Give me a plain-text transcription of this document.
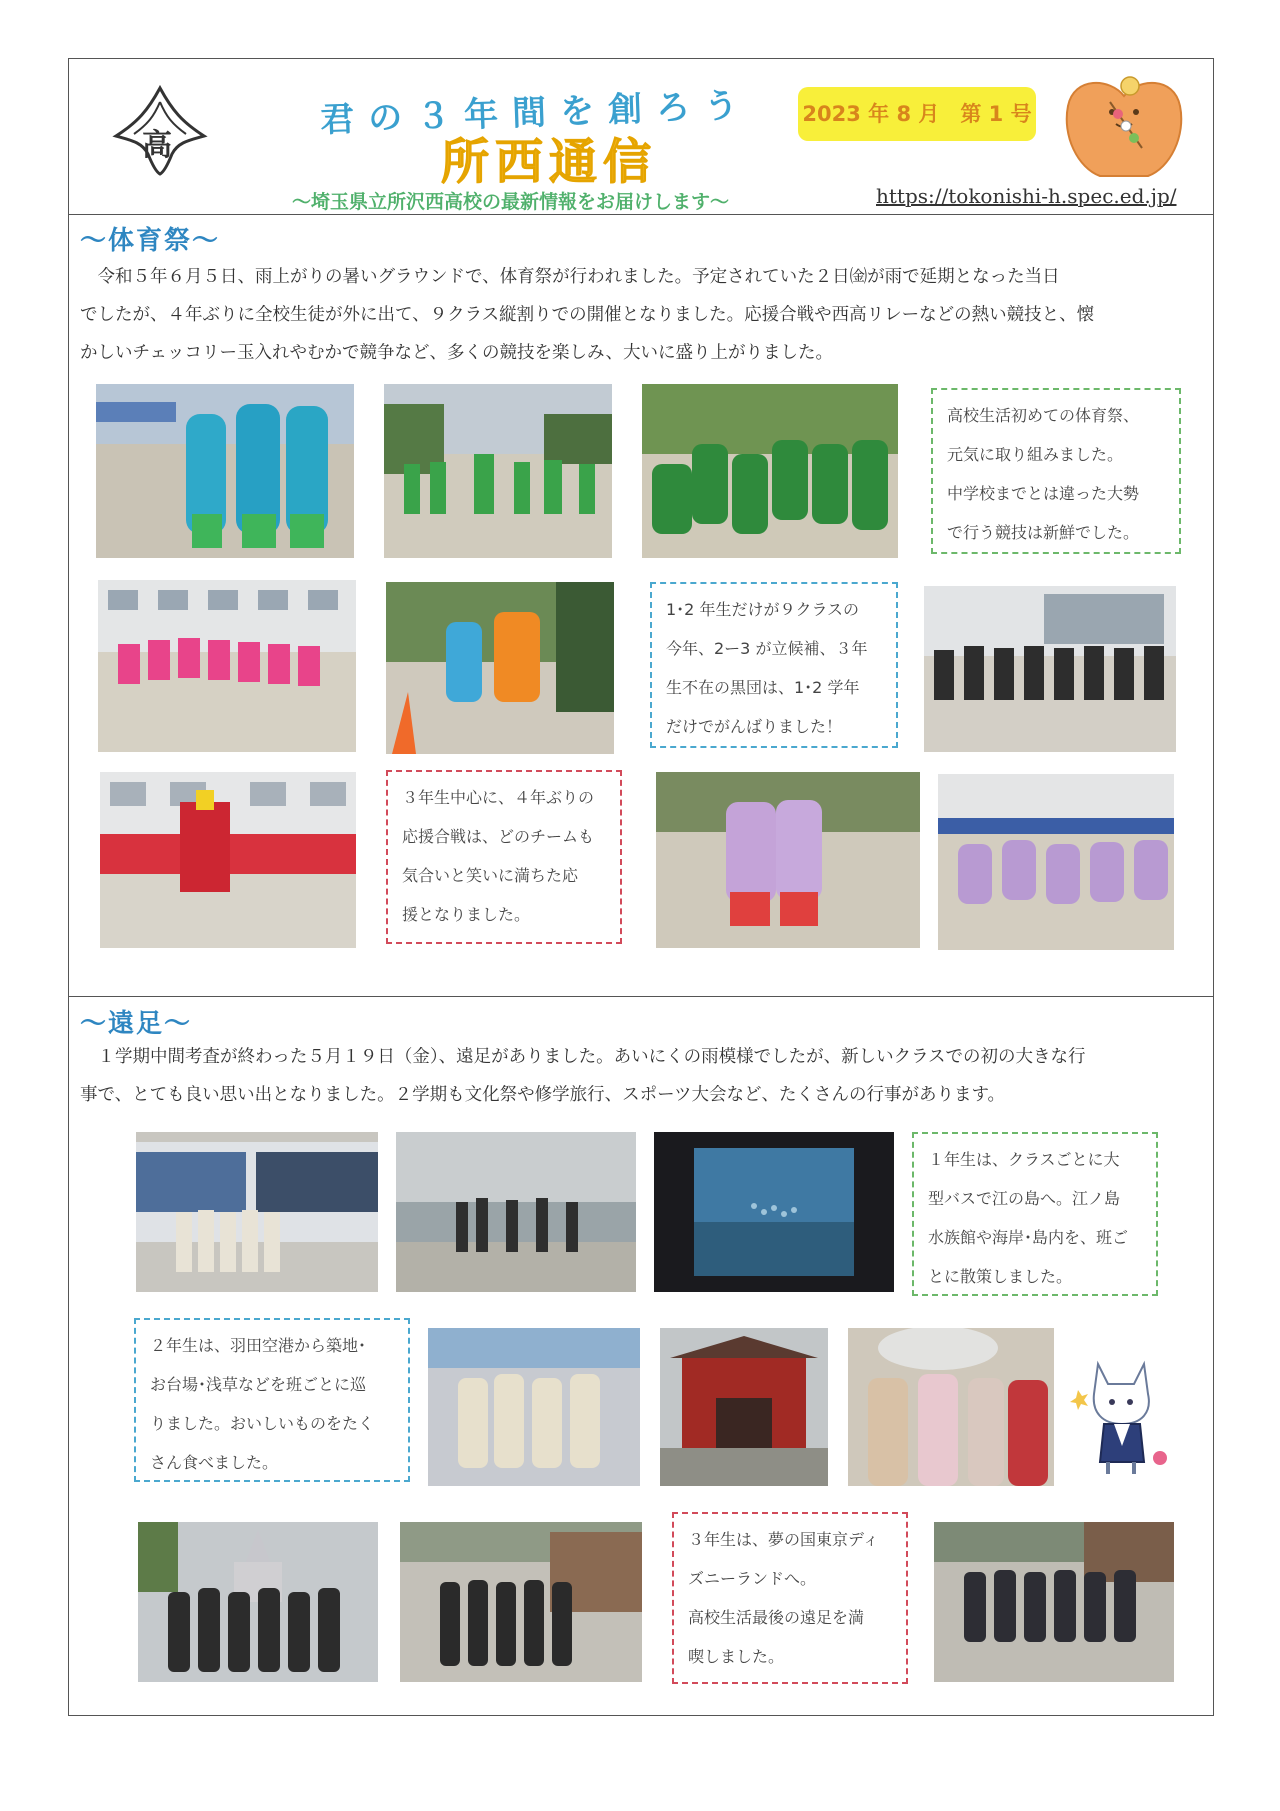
高
君の３年間を創ろう
所西通信
〜埼玉県立所沢西高校の最新情報をお届けします〜
2023 年 8 月　第 1 号
https://tokonishi-h.spec.ed.jp/
〜体育祭〜
　令和５年６月５日、雨上がりの暑いグラウンドで、体育祭が行われました。予定されていた２日㈮が雨で延期となった当日
でしたが、４年ぶりに全校生徒が外に出て、９クラス縦割りでの開催となりました。応援合戦や西高リレーなどの熱い競技と、懐
かしいチェッコリー玉入れやむかで競争など、多くの競技を楽しみ、大いに盛り上がりました。
高校生活初めての体育祭、
元気に取り組みました。
中学校までとは違った大勢
で行う競技は新鮮でした。
1･2 年生だけが９クラスの
今年、2ー3 が立候補、３年
生不在の黒団は、1･2 学年
だけでがんばりました！
３年生中心に、４年ぶりの
応援合戦は、どのチームも
気合いと笑いに満ちた応
援となりました。
〜遠足〜
　１学期中間考査が終わった５月１９日（金）、遠足がありました。あいにくの雨模様でしたが、新しいクラスでの初の大きな行
事で、とても良い思い出となりました。２学期も文化祭や修学旅行、スポーツ大会など、たくさんの行事があります。
１年生は、クラスごとに大
型バスで江の島へ。江ノ島
水族館や海岸･島内を、班ご
とに散策しました。
２年生は、羽田空港から築地･
お台場･浅草などを班ごとに巡
りました。おいしいものをたく
さん食べました。
３年生は、夢の国東京ディ
ズニーランドへ。
高校生活最後の遠足を満
喫しました。
